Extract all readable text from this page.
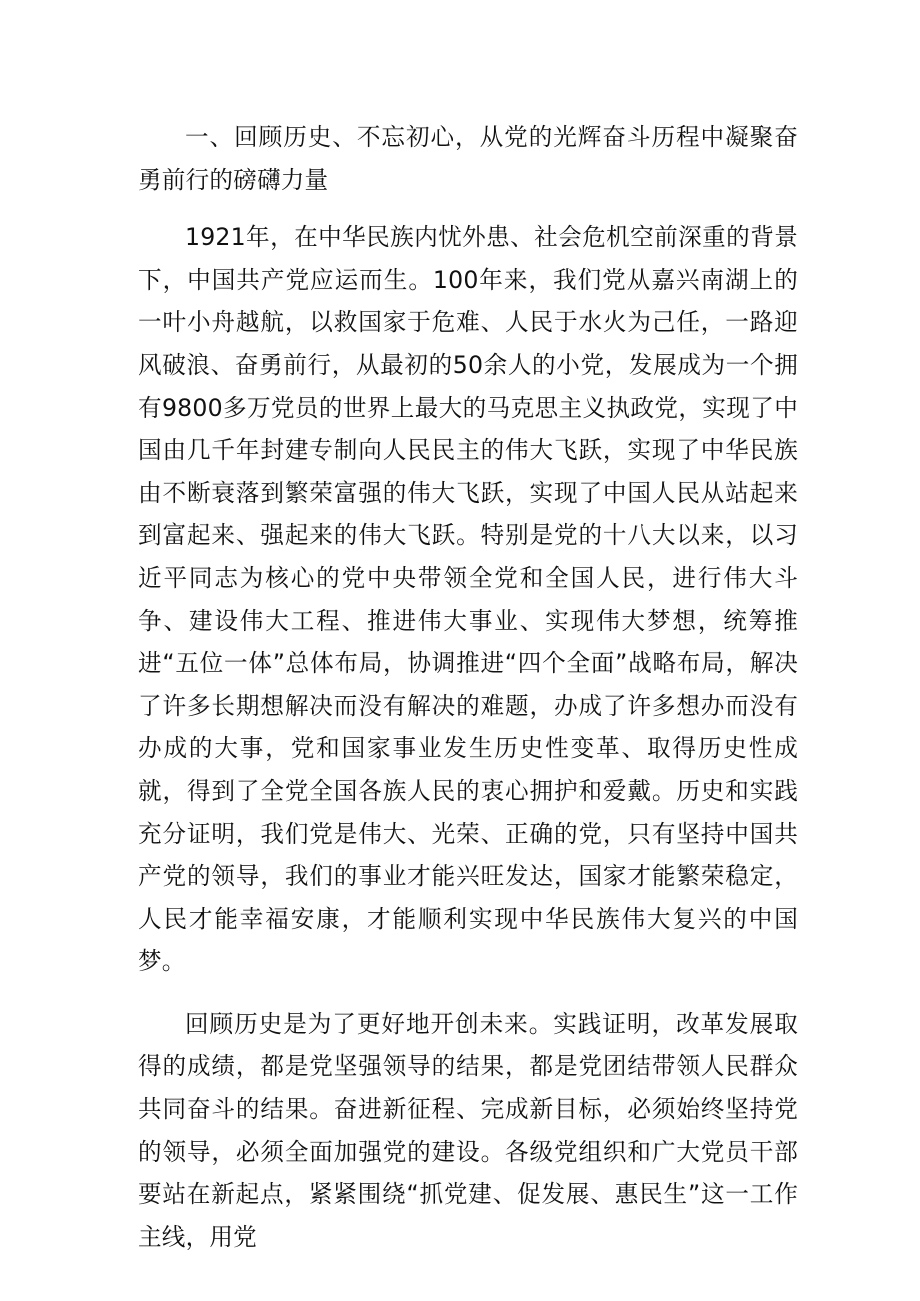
一、回顾历史、不忘初心，从党的光辉奋斗历程中凝聚奋勇前行的磅礴力量

1921年，在中华民族内忧外患、社会危机空前深重的背景下，中国共产党应运而生。100年来，我们党从嘉兴南湖上的一叶小舟越航，以救国家于危难、人民于水火为己任，一路迎风破浪、奋勇前行，从最初的50余人的小党，发展成为一个拥有9800多万党员的世界上最大的马克思主义执政党，实现了中国由几千年封建专制向人民民主的伟大飞跃，实现了中华民族由不断衰落到繁荣富强的伟大飞跃，实现了中国人民从站起来到富起来、强起来的伟大飞跃。特别是党的十八大以来，以习近平同志为核心的党中央带领全党和全国人民，进行伟大斗争、建设伟大工程、推进伟大事业、实现伟大梦想，统筹推进“五位一体”总体布局，协调推进“四个全面”战略布局，解决了许多长期想解决而没有解决的难题，办成了许多想办而没有办成的大事，党和国家事业发生历史性变革、取得历史性成就，得到了全党全国各族人民的衷心拥护和爱戴。历史和实践充分证明，我们党是伟大、光荣、正确的党，只有坚持中国共产党的领导，我们的事业才能兴旺发达，国家才能繁荣稳定，人民才能幸福安康，才能顺利实现中华民族伟大复兴的中国梦。

回顾历史是为了更好地开创未来。实践证明，改革发展取得的成绩，都是党坚强领导的结果，都是党团结带领人民群众共同奋斗的结果。奋进新征程、完成新目标，必须始终坚持党的领导，必须全面加强党的建设。各级党组织和广大党员干部要站在新起点，紧紧围绕“抓党建、促发展、惠民生”这一工作主线，用党
